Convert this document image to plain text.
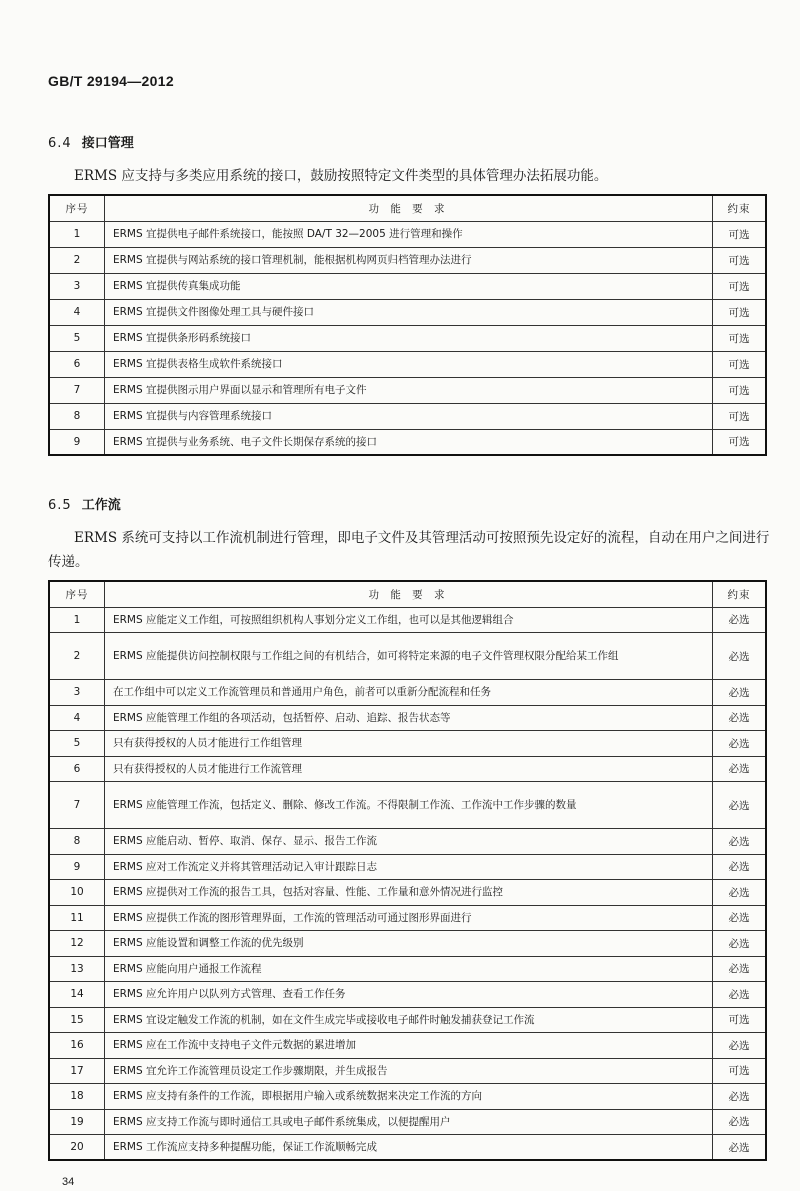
GB/T 29194—2012
6.4 接口管理
ERMS 应支持与多类应用系统的接口，鼓励按照特定文件类型的具体管理办法拓展功能。
序号	功 能 要 求	约束
1	ERMS 宜提供电子邮件系统接口，能按照 DA/T 32—2005 进行管理和操作	可选
2	ERMS 宜提供与网站系统的接口管理机制，能根据机构网页归档管理办法进行	可选
3	ERMS 宜提供传真集成功能	可选
4	ERMS 宜提供文件图像处理工具与硬件接口	可选
5	ERMS 宜提供条形码系统接口	可选
6	ERMS 宜提供表格生成软件系统接口	可选
7	ERMS 宜提供图示用户界面以显示和管理所有电子文件	可选
8	ERMS 宜提供与内容管理系统接口	可选
9	ERMS 宜提供与业务系统、电子文件长期保存系统的接口	可选
6.5 工作流
ERMS 系统可支持以工作流机制进行管理，即电子文件及其管理活动可按照预先设定好的流程，自动在用户之间进行传递。
序号	功 能 要 求	约束
1	ERMS 应能定义工作组，可按照组织机构人事划分定义工作组，也可以是其他逻辑组合	必选
2	ERMS 应能提供访问控制权限与工作组之间的有机结合，如可将特定来源的电子文件管理权限分配给某工作组	必选
3	在工作组中可以定义工作流管理员和普通用户角色，前者可以重新分配流程和任务	必选
4	ERMS 应能管理工作组的各项活动，包括暂停、启动、追踪、报告状态等	必选
5	只有获得授权的人员才能进行工作组管理	必选
6	只有获得授权的人员才能进行工作流管理	必选
7	ERMS 应能管理工作流，包括定义、删除、修改工作流。不得限制工作流、工作流中工作步骤的数量	必选
8	ERMS 应能启动、暂停、取消、保存、显示、报告工作流	必选
9	ERMS 应对工作流定义并将其管理活动记入审计跟踪日志	必选
10	ERMS 应提供对工作流的报告工具，包括对容量、性能、工作量和意外情况进行监控	必选
11	ERMS 应提供工作流的图形管理界面，工作流的管理活动可通过图形界面进行	必选
12	ERMS 应能设置和调整工作流的优先级别	必选
13	ERMS 应能向用户通报工作流程	必选
14	ERMS 应允许用户以队列方式管理、查看工作任务	必选
15	ERMS 宜设定触发工作流的机制，如在文件生成完毕或接收电子邮件时触发捕获登记工作流	可选
16	ERMS 应在工作流中支持电子文件元数据的累进增加	必选
17	ERMS 宜允许工作流管理员设定工作步骤期限，并生成报告	可选
18	ERMS 应支持有条件的工作流，即根据用户输入或系统数据来决定工作流的方向	必选
19	ERMS 应支持工作流与即时通信工具或电子邮件系统集成，以便提醒用户	必选
20	ERMS 工作流应支持多种提醒功能，保证工作流顺畅完成	必选
34
